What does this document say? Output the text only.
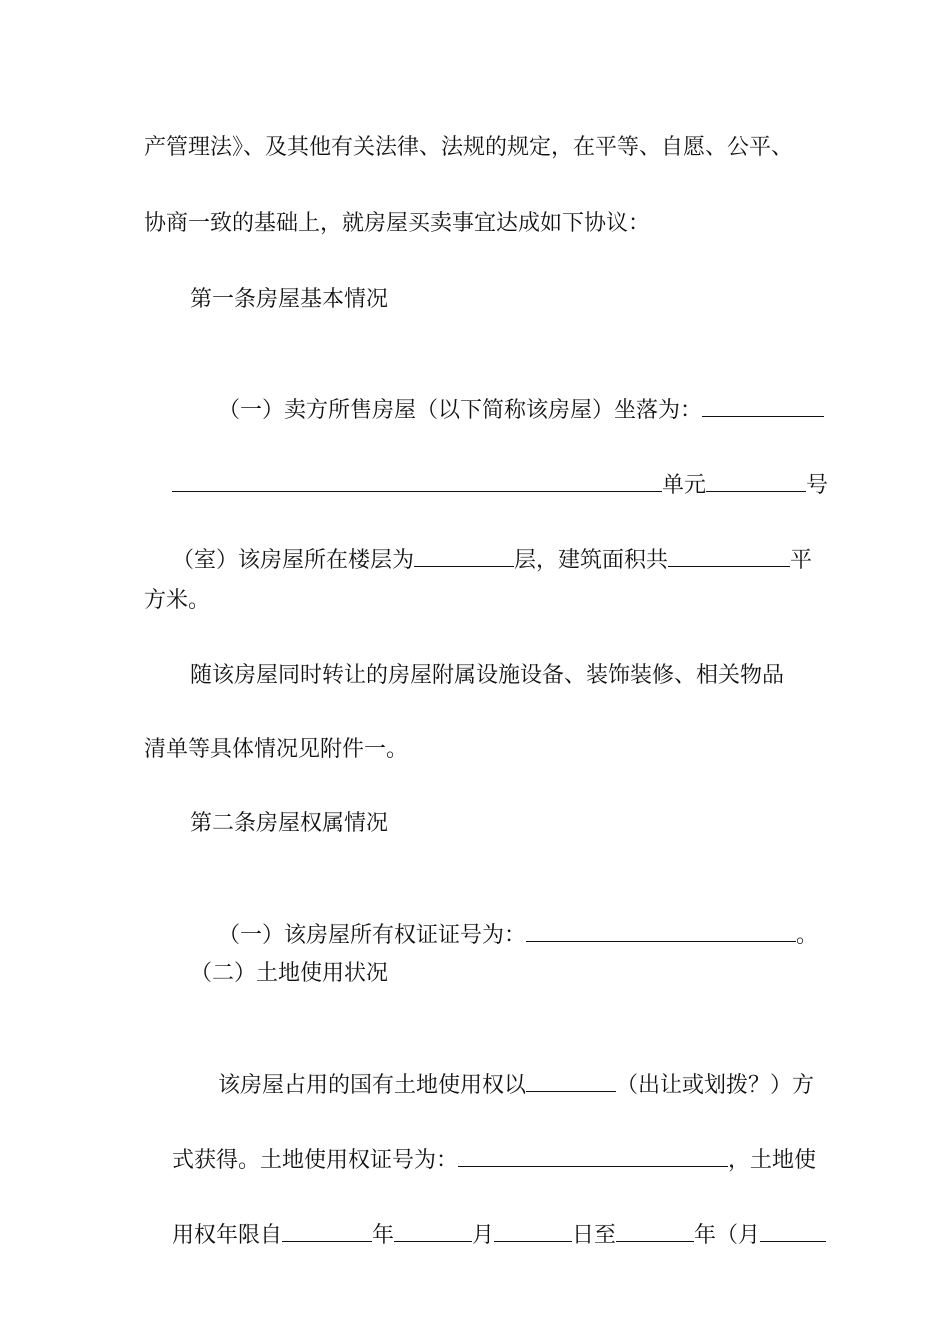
产管理法》、及其他有关法律、法规的规定，在平等、自愿、公平、
协商一致的基础上，就房屋买卖事宜达成如下协议：
第一条房屋基本情况

（一）卖方所售房屋（以下简称该房屋）坐落为：

单元	号

（室）该房屋所在楼层为	层，建筑面积共	平

方米。
随该房屋同时转让的房屋附属设施设备、装饰装修、相关物品
清单等具体情况见附件一。
第二条房屋权属情况

（一）该房屋所有权证证号为：	。

（二）土地使用状况

该房屋占用的国有土地使用权以	（出让或划拨？）方

式获得。土地使用权证号为：	，土地使

用权年限自	年	月	日至	年（月
